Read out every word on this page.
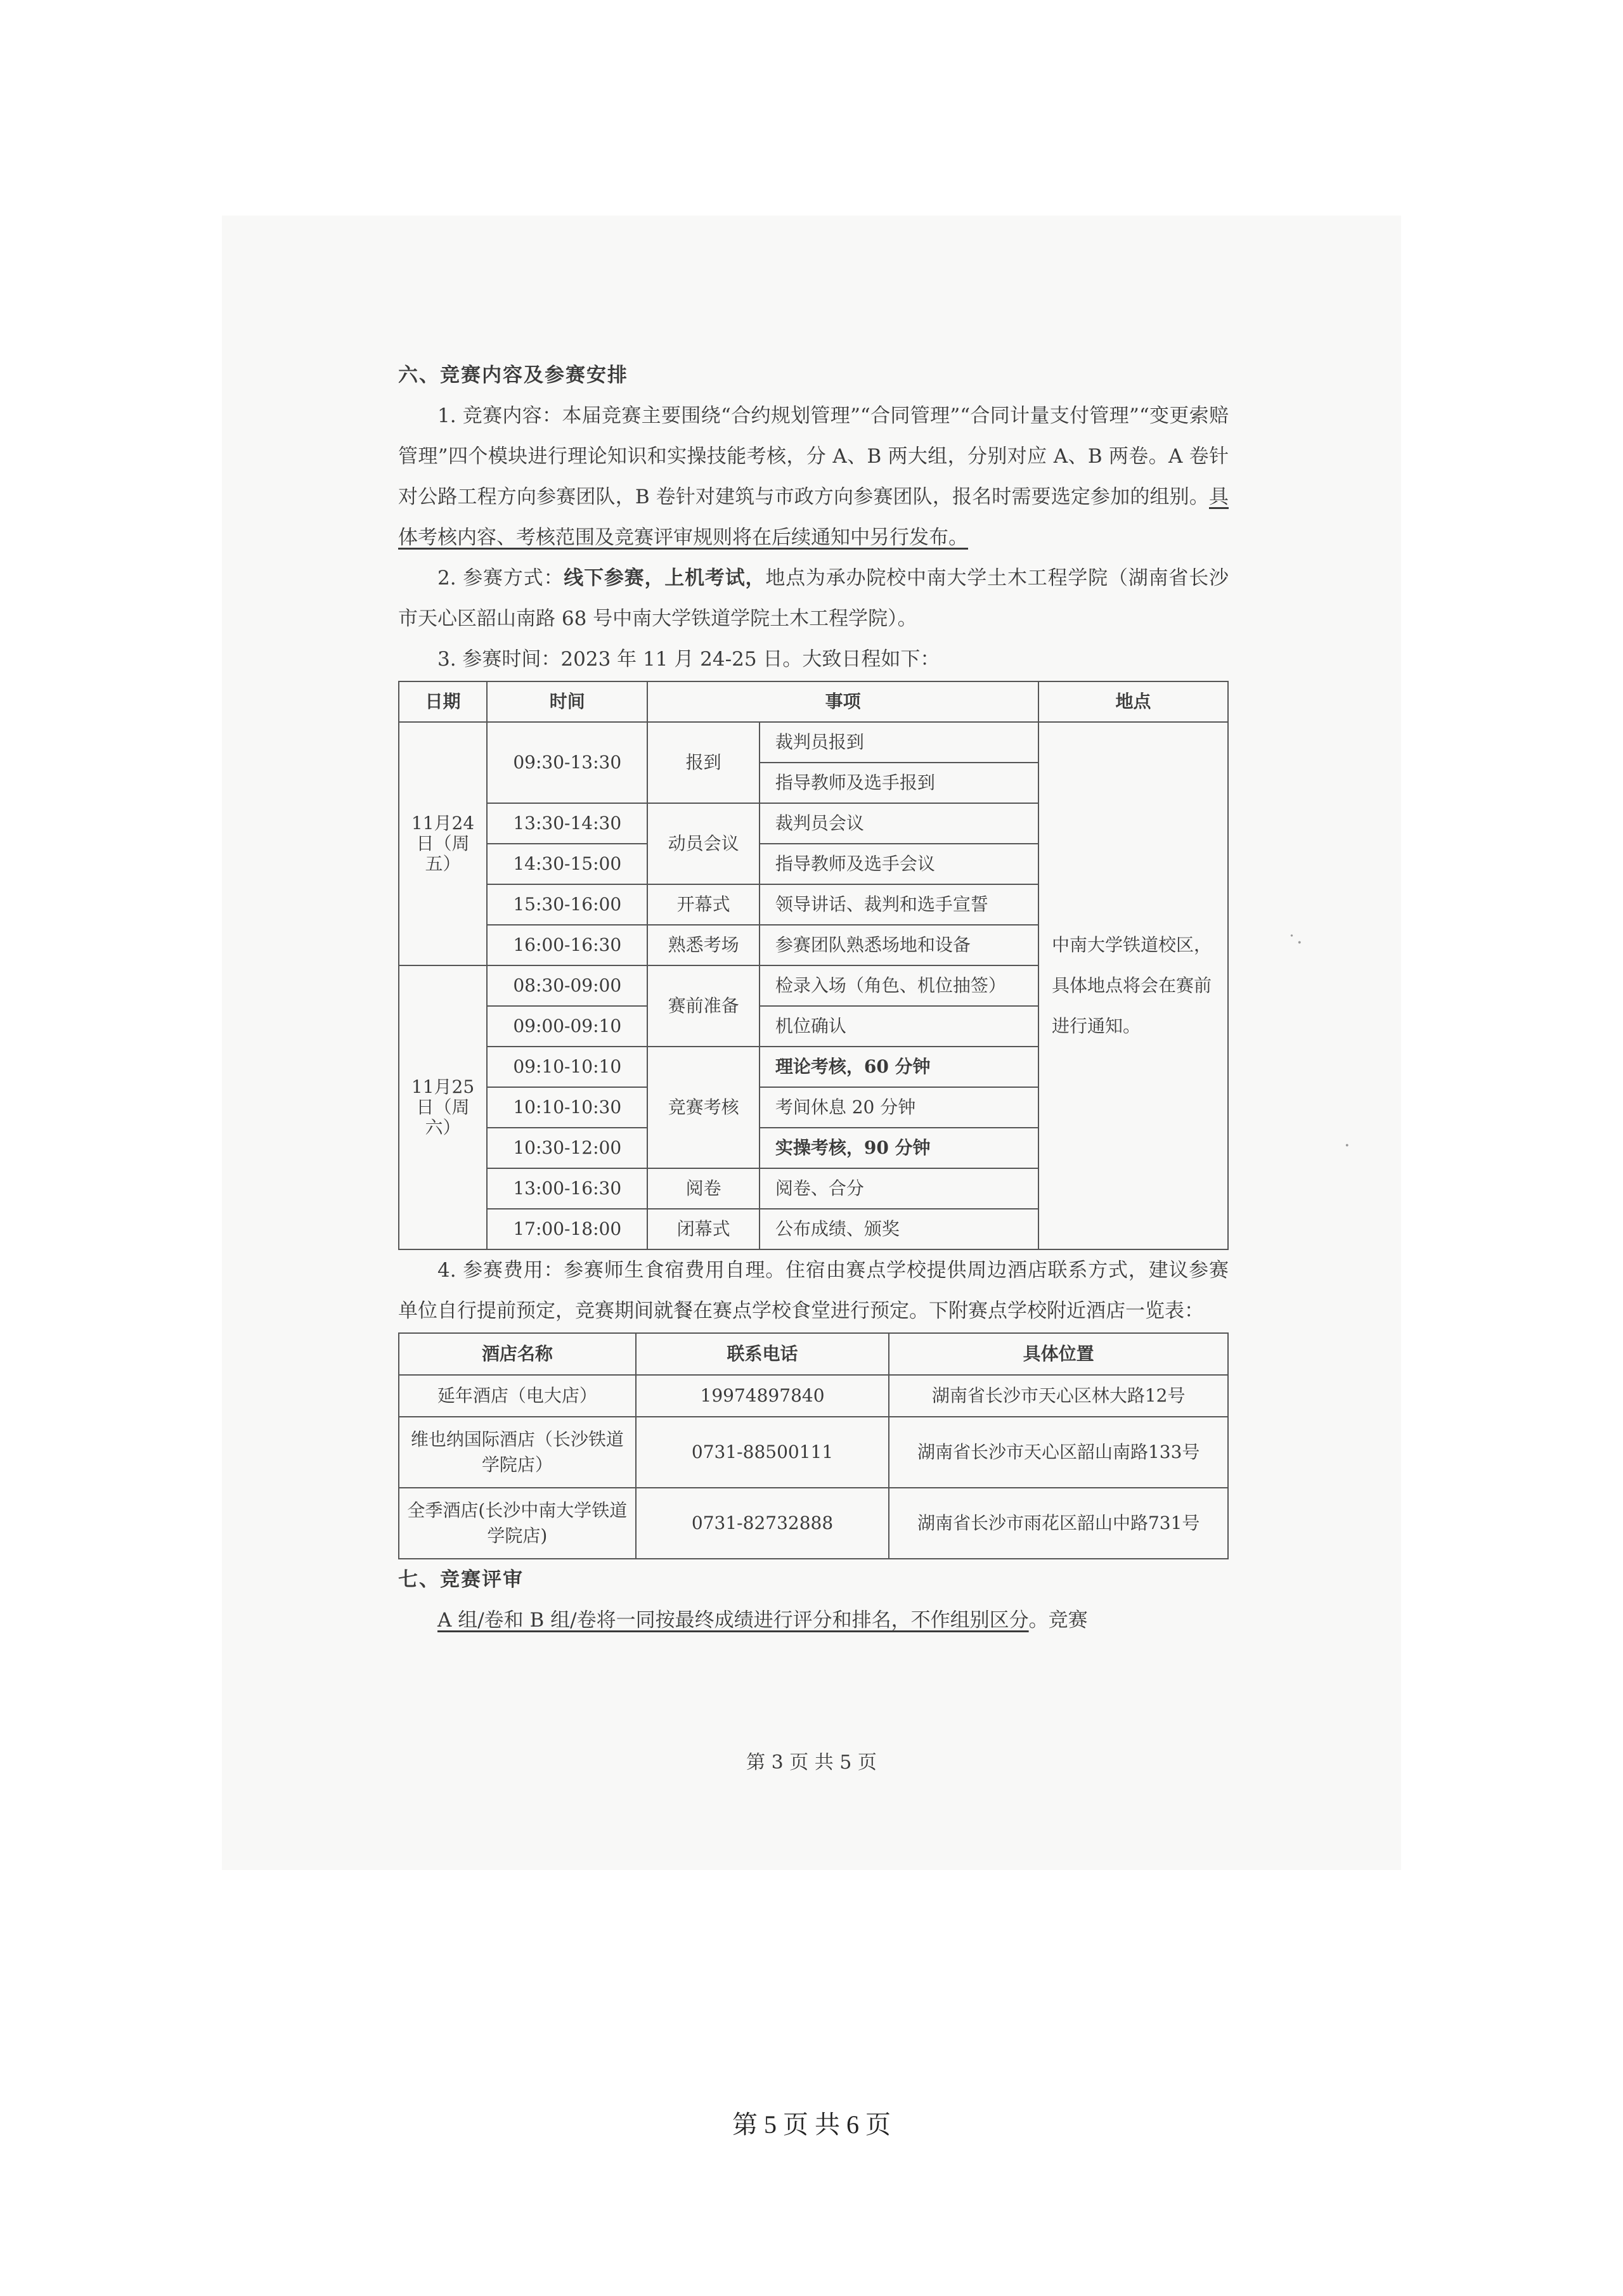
六、竞赛内容及参赛安排
1. 竞赛内容：本届竞赛主要围绕“合约规划管理”“合同管理”“合同计量支付管理”“变更索赔管理”四个模块进行理论知识和实操技能考核，分 A、B 两大组，分别对应 A、B 两卷。A 卷针对公路工程方向参赛团队，B 卷针对建筑与市政方向参赛团队，报名时需要选定参加的组别。具体考核内容、考核范围及竞赛评审规则将在后续通知中另行发布。
2. 参赛方式：线下参赛，上机考试，地点为承办院校中南大学土木工程学院（湖南省长沙市天心区韶山南路 68 号中南大学铁道学院土木工程学院）。
3. 参赛时间：2023 年 11 月 24-25 日。大致日程如下：
日期	时间	事项		地点
11月24日（周五）	09:30-13:30	报到	裁判员报到	中南大学铁道校区，具体地点将会在赛前进行通知。
			指导教师及选手报到	
	13:30-14:30	动员会议	裁判员会议	
	14:30-15:00		指导教师及选手会议	
	15:30-16:00	开幕式	领导讲话、裁判和选手宣誓	
	16:00-16:30	熟悉考场	参赛团队熟悉场地和设备	
11月25日（周六）	08:30-09:00	赛前准备	检录入场（角色、机位抽签）	
	09:00-09:10		机位确认	
	09:10-10:10	竞赛考核	理论考核，60 分钟	
	10:10-10:30		考间休息 20 分钟	
	10:30-12:00		实操考核，90 分钟	
	13:00-16:30	阅卷	阅卷、合分	
	17:00-18:00	闭幕式	公布成绩、颁奖	
4. 参赛费用：参赛师生食宿费用自理。住宿由赛点学校提供周边酒店联系方式，建议参赛单位自行提前预定，竞赛期间就餐在赛点学校食堂进行预定。下附赛点学校附近酒店一览表：
酒店名称	联系电话	具体位置
延年酒店（电大店）	19974897840	湖南省长沙市天心区林大路12号
维也纳国际酒店（长沙铁道学院店）	0731-88500111	湖南省长沙市天心区韶山南路133号
全季酒店(长沙中南大学铁道学院店)	0731-82732888	湖南省长沙市雨花区韶山中路731号
七、竞赛评审
A 组/卷和 B 组/卷将一同按最终成绩进行评分和排名，不作组别区分。竞赛
˙·
·
第 3 页 共 5 页
第 5 页 共 6 页
